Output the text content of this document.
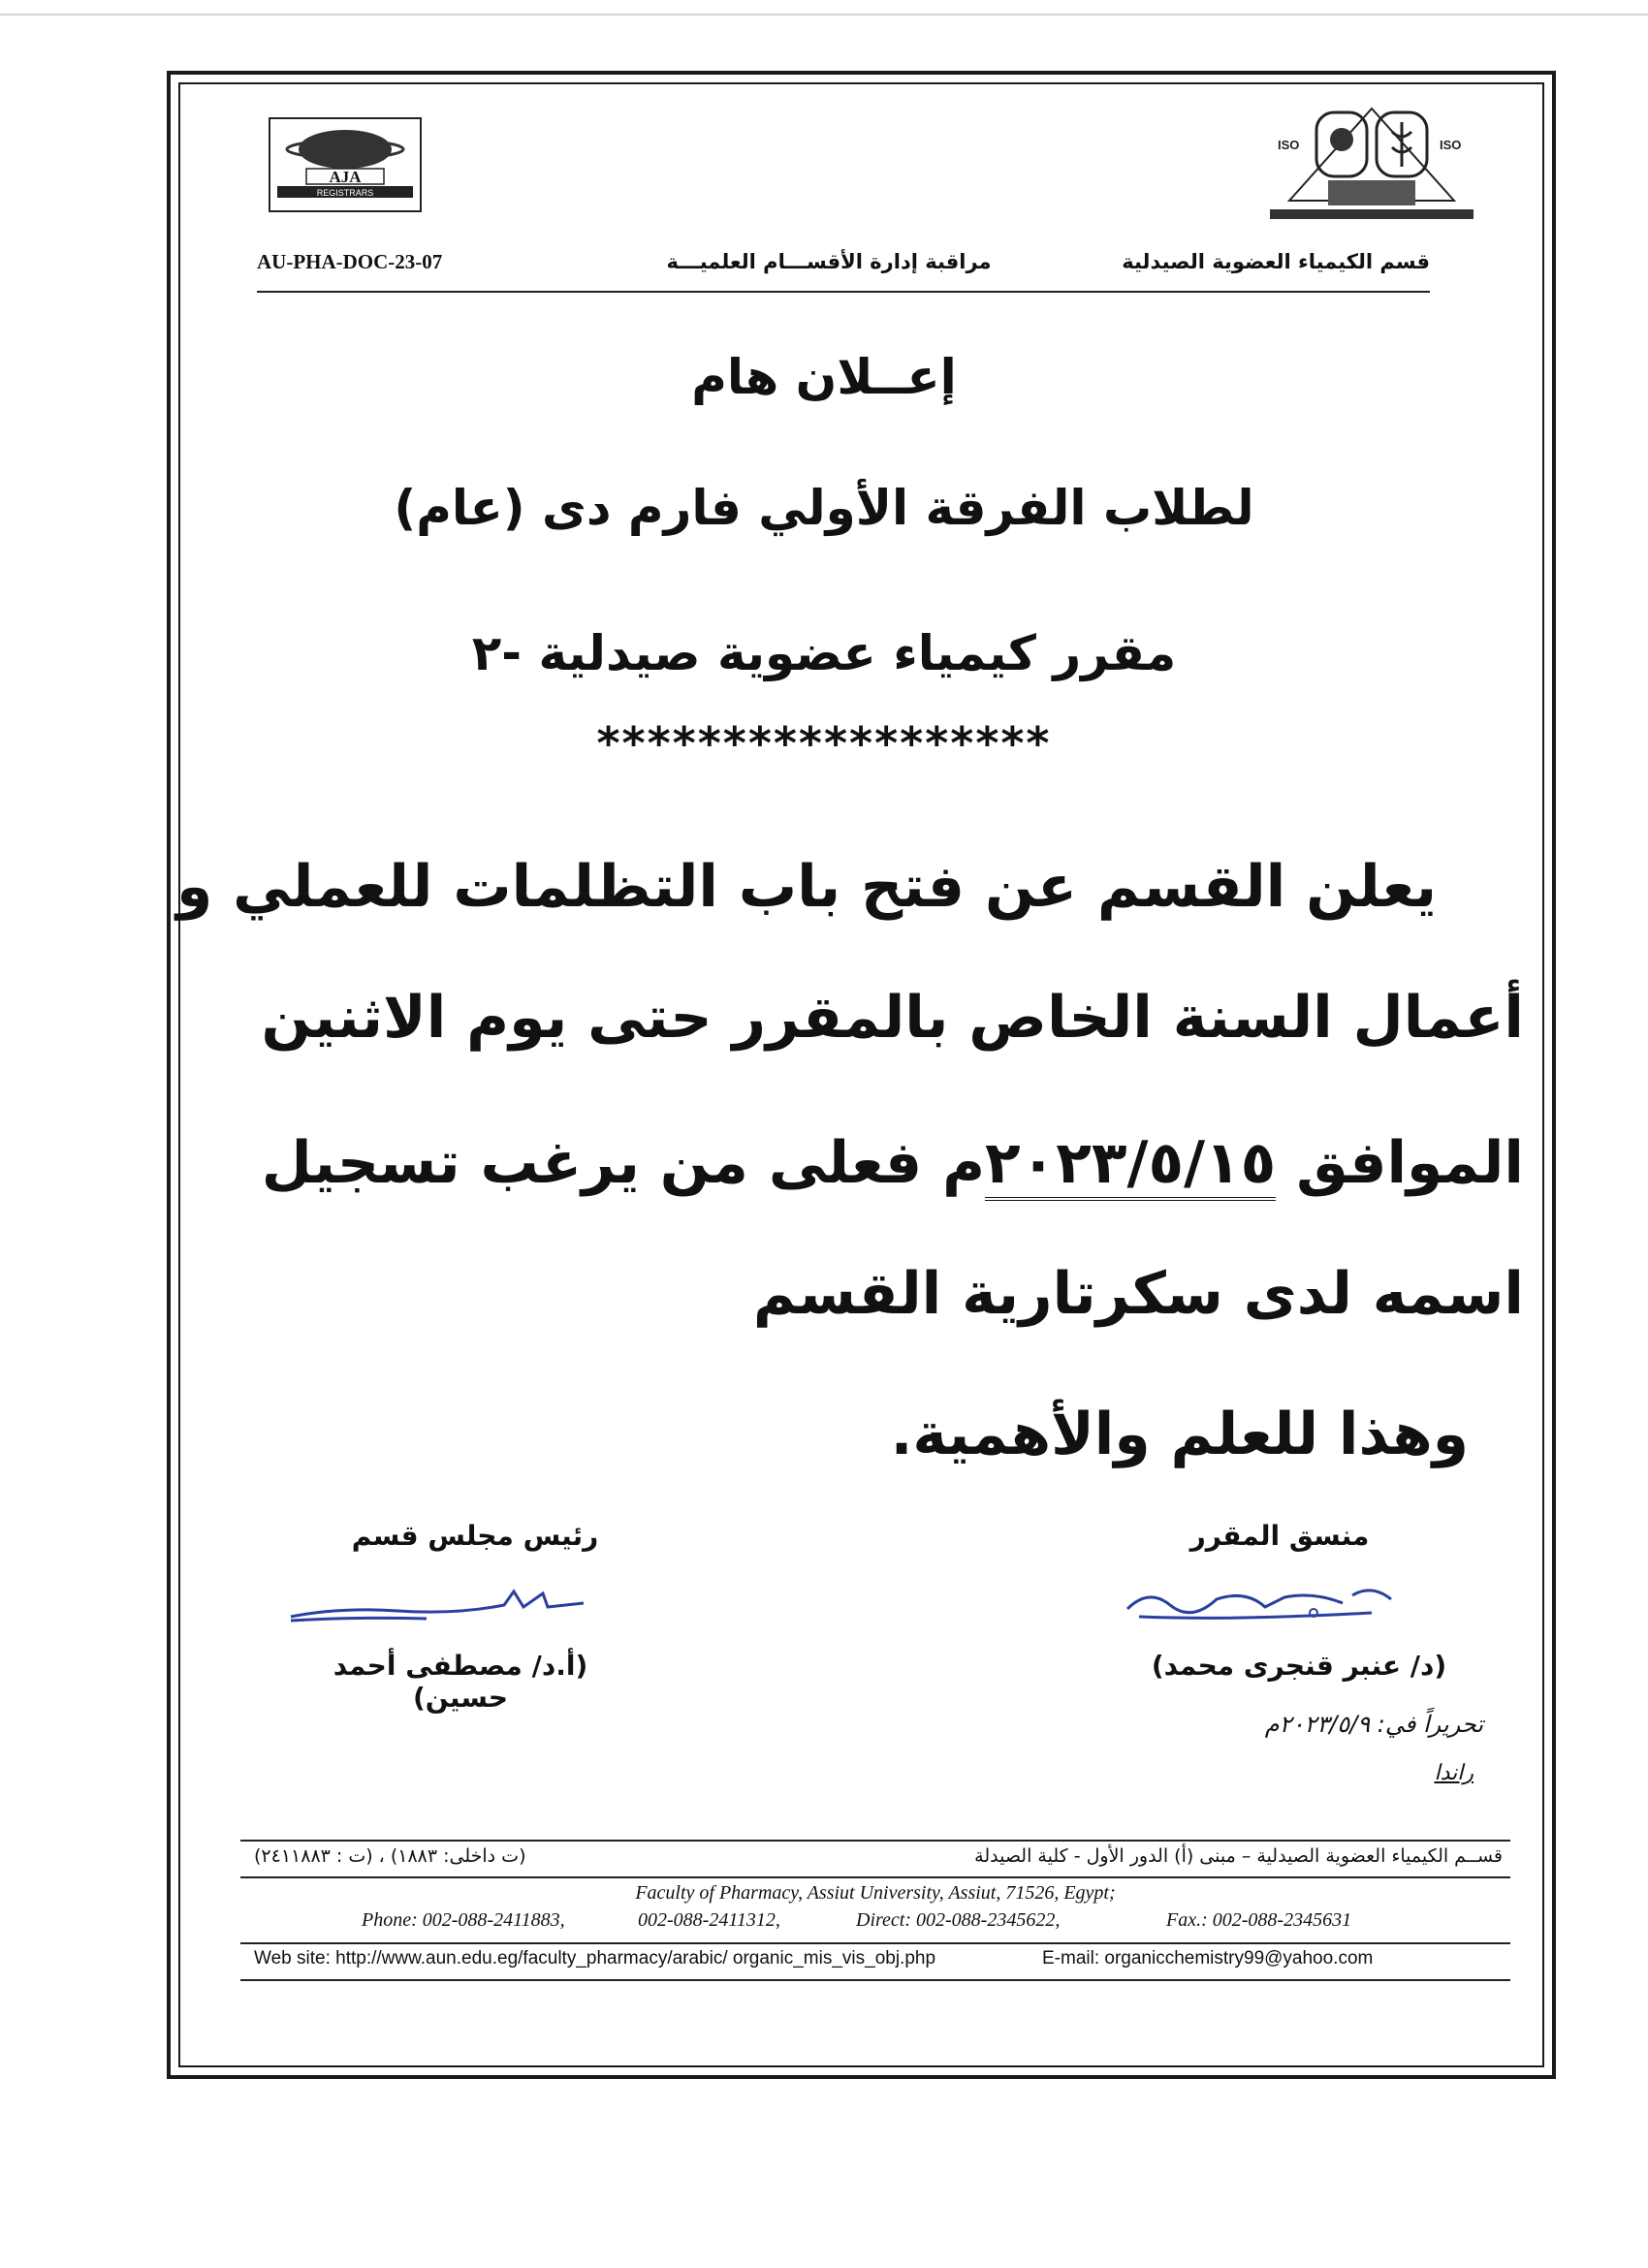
AJA
REGISTRARS
ISO	ISO
AU-PHA-DOC-23-07	مراقبة إدارة الأقســـام العلميـــة	قسم الكيمياء العضوية الصيدلية
إعــلان هام
لطلاب الفرقة الأولي فارم دى (عام)
مقرر كيمياء عضوية صيدلية -٢
******************
يعلن القسم عن فتح باب التظلمات للعملي و
أعمال السنة الخاص بالمقرر حتى يوم الاثنين
الموافق ٢٠٢٣/٥/١٥م فعلى من يرغب تسجيل
اسمه لدى سكرتارية القسم
وهذا للعلم والأهمية.
رئيس مجلس قسم
(أ.د/ مصطفى أحمد حسين)
منسق المقرر
(د/ عنبر قنجرى محمد)
تحريراً في: ٢٠٢٣/٥/٩م
راندا
قســم الكيمياء العضوية الصيدلية – مبنى (أ) الدور الأول - كلية الصيدلة
(ت داخلى: ١٨٨٣) ، (ت : ٢٤١١٨٨٣)
Faculty of Pharmacy, Assiut University, Assiut, 71526, Egypt;
Phone: 002-088-2411883,	002-088-2411312,	Direct: 002-088-2345622,	Fax.: 002-088-2345631
Web site: http://www.aun.edu.eg/faculty_pharmacy/arabic/ organic_mis_vis_obj.php	E-mail: organicchemistry99@yahoo.com
